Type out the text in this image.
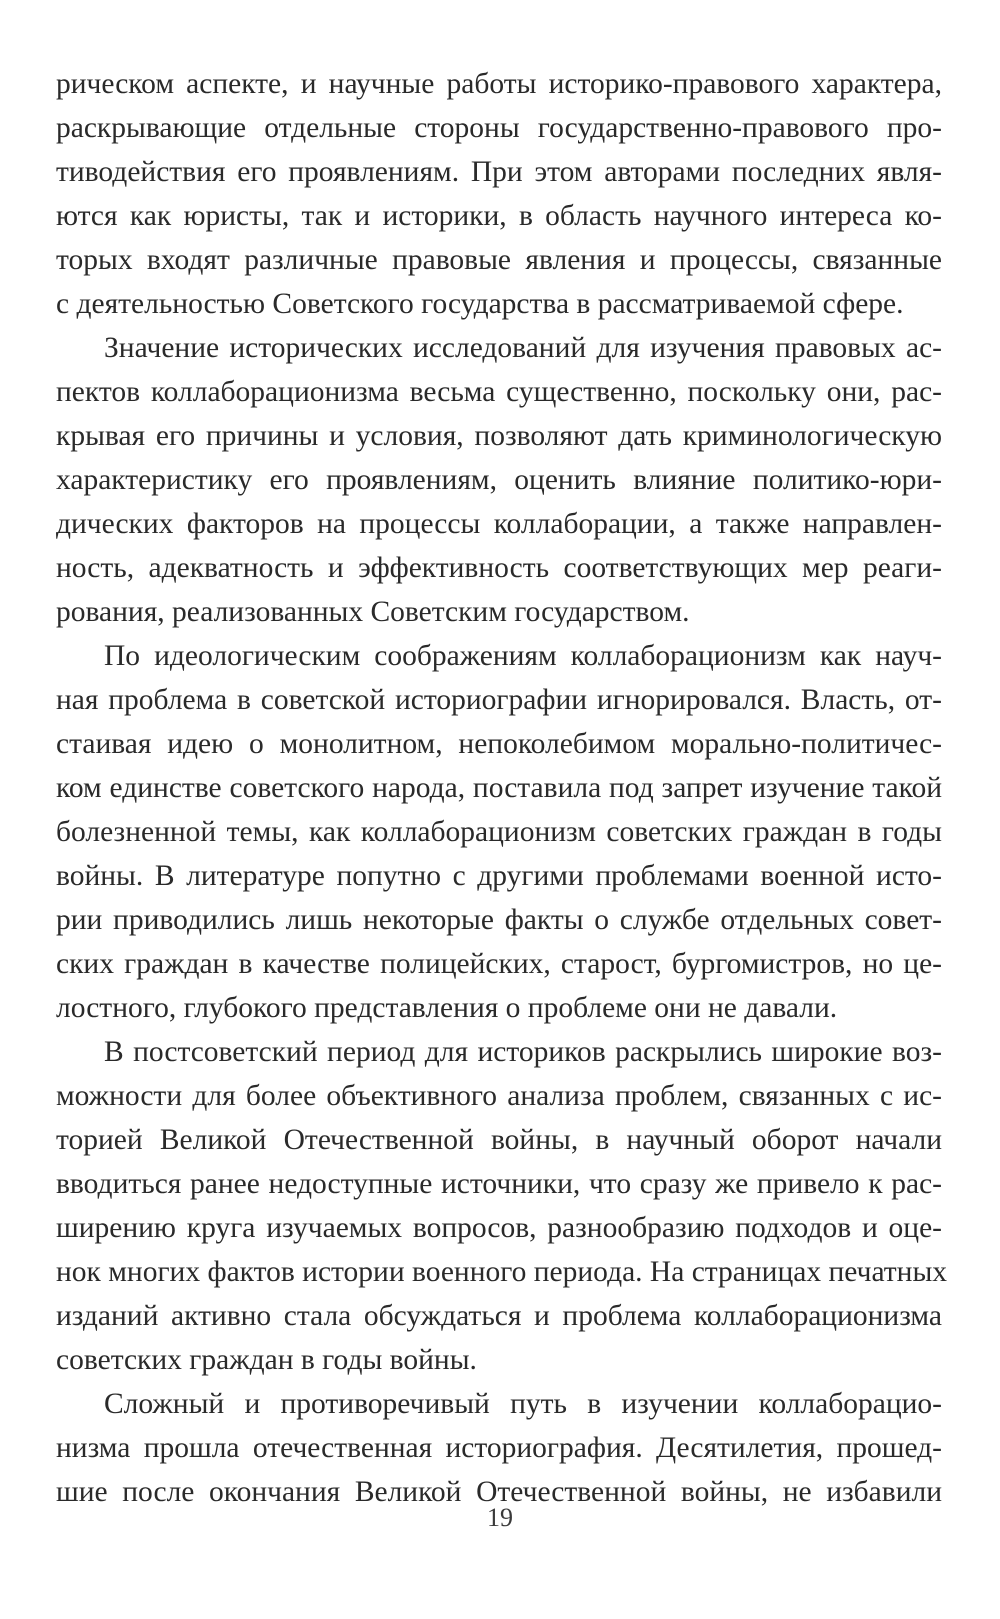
рическом аспекте, и научные работы историко-правового характера,
раскрывающие отдельные стороны государственно-правового про-
тиводействия его проявлениям. При этом авторами последних явля-
ются как юристы, так и историки, в область научного интереса ко-
торых входят различные правовые явления и процессы, связанные
с деятельностью Советского государства в рассматриваемой сфере.
Значение исторических исследований для изучения правовых ас-
пектов коллаборационизма весьма существенно, поскольку они, рас-
крывая его причины и условия, позволяют дать криминологическую
характеристику его проявлениям, оценить влияние политико-юри-
дических факторов на процессы коллаборации, а также направлен-
ность, адекватность и эффективность соответствующих мер реаги-
рования, реализованных Советским государством.
По идеологическим соображениям коллаборационизм как науч-
ная проблема в советской историографии игнорировался. Власть, от-
стаивая идею о монолитном, непоколебимом морально-политичес-
ком единстве советского народа, поставила под запрет изучение такой
болезненной темы, как коллаборационизм советских граждан в годы
войны. В литературе попутно с другими проблемами военной исто-
рии приводились лишь некоторые факты о службе отдельных совет-
ских граждан в качестве полицейских, старост, бургомистров, но це-
лостного, глубокого представления о проблеме они не давали.
В постсоветский период для историков раскрылись широкие воз-
можности для более объективного анализа проблем, связанных с ис-
торией Великой Отечественной войны, в научный оборот начали
вводиться ранее недоступные источники, что сразу же привело к рас-
ширению круга изучаемых вопросов, разнообразию подходов и оце-
нок многих фактов истории военного периода. На страницах печатных
изданий активно стала обсуждаться и проблема коллаборационизма
советских граждан в годы войны.
Сложный и противоречивый путь в изучении коллаборацио-
низма прошла отечественная историография. Десятилетия, прошед-
шие после окончания Великой Отечественной войны, не избавили
19
